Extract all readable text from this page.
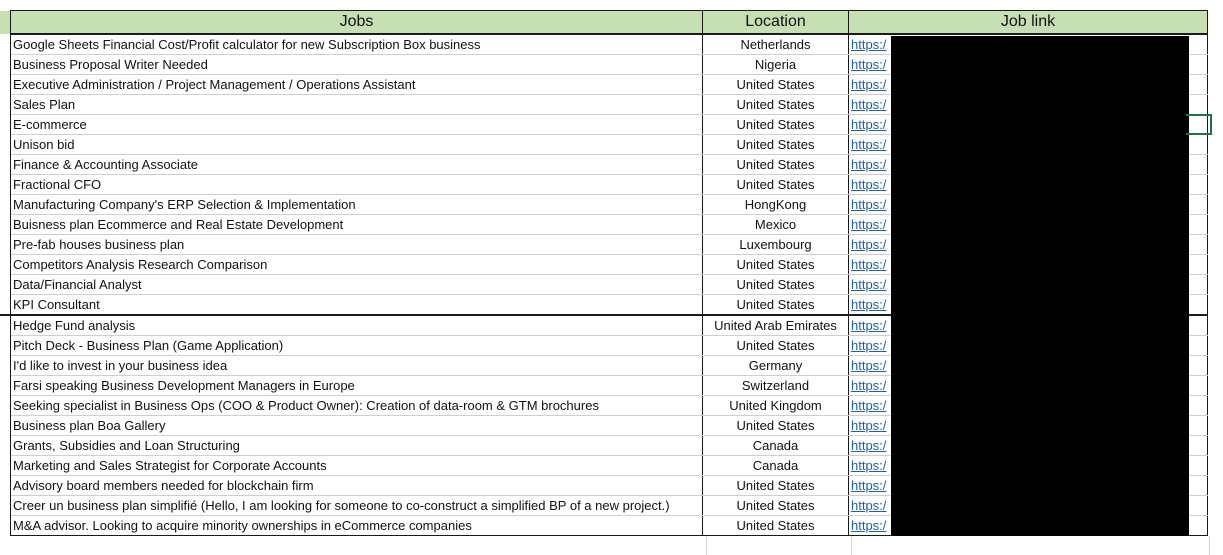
	Jobs	Location	Job link
	Google Sheets Financial Cost/Profit calculator for new Subscription Box business	Netherlands	https:/
	Business Proposal Writer Needed	Nigeria	https:/
	Executive Administration / Project Management / Operations Assistant	United States	https:/
	Sales Plan	United States	https:/
	E-commerce	United States	https:/
	Unison bid	United States	https:/
	Finance & Accounting Associate	United States	https:/
	Fractional CFO	United States	https:/
	Manufacturing Company's ERP Selection & Implementation	HongKong	https:/
	Buisness plan Ecommerce and Real Estate Development	Mexico	https:/
	Pre-fab houses business plan	Luxembourg	https:/
	Competitors Analysis Research Comparison	United States	https:/
	Data/Financial Analyst	United States	https:/
	KPI Consultant	United States	https:/
	Hedge Fund analysis	United Arab Emirates	https:/
	Pitch Deck - Business Plan (Game Application)	United States	https:/
	I'd like to invest in your business idea	Germany	https:/
	Farsi speaking Business Development Managers in Europe	Switzerland	https:/
	Seeking specialist in Business Ops (COO & Product Owner): Creation of data-room & GTM brochures	United Kingdom	https:/
	Business plan Boa Gallery	United States	https:/
	Grants, Subsidies and Loan Structuring	Canada	https:/
	Marketing and Sales Strategist for Corporate Accounts	Canada	https:/
	Advisory board members needed for blockchain firm	United States	https:/
	Creer un business plan simplifié (Hello, I am looking for someone to co-construct a simplified BP of a new project.)	United States	https:/
	M&A advisor. Looking to acquire minority ownerships in eCommerce companies	United States	https:/
